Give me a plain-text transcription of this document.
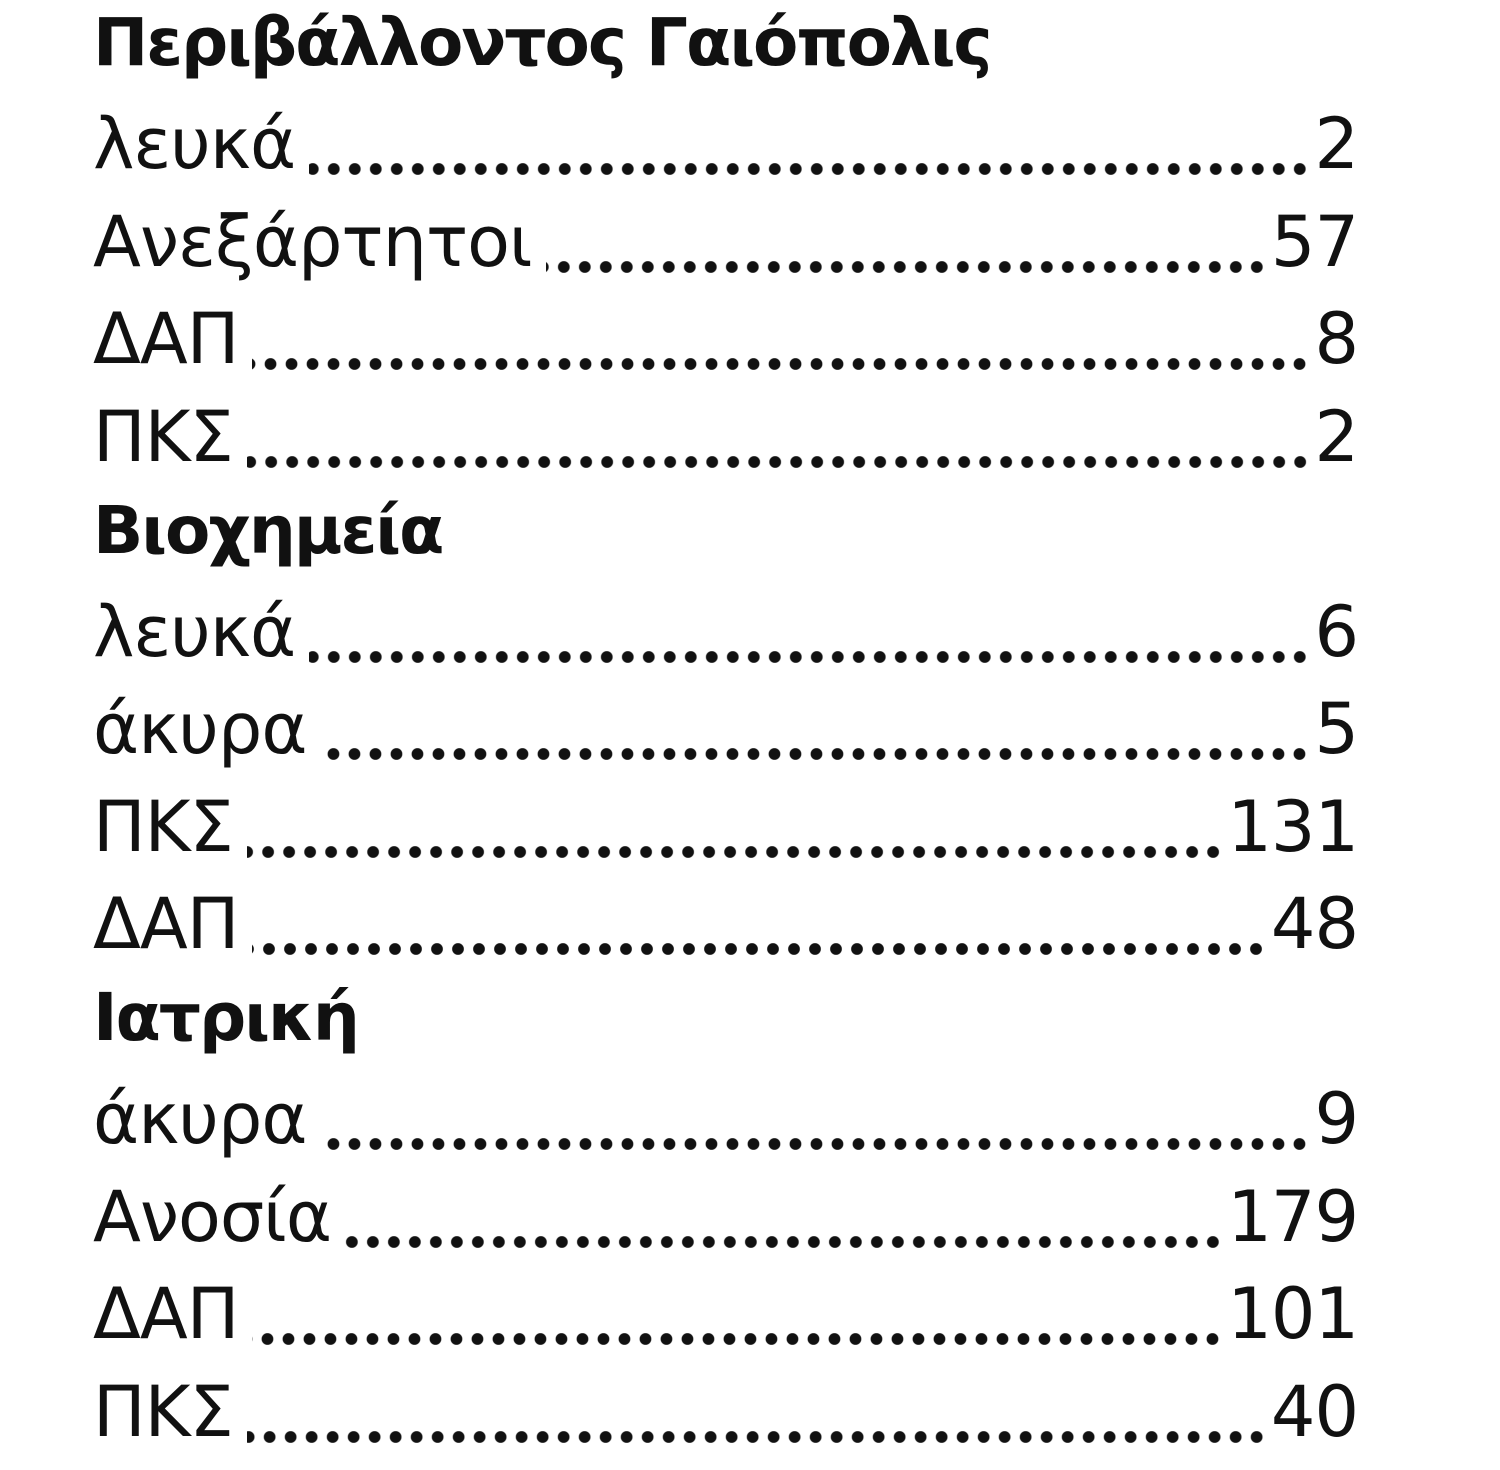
Περιβάλλοντος Γαιόπολις
λευκά	2
Ανεξάρτητοι	57
ΔΑΠ	8
ΠΚΣ	2
Βιοχημεία
λευκά	6
άκυρα	5
ΠΚΣ	131
ΔΑΠ	48
Ιατρική
άκυρα	9
Ανοσία	179
ΔΑΠ	101
ΠΚΣ	40
